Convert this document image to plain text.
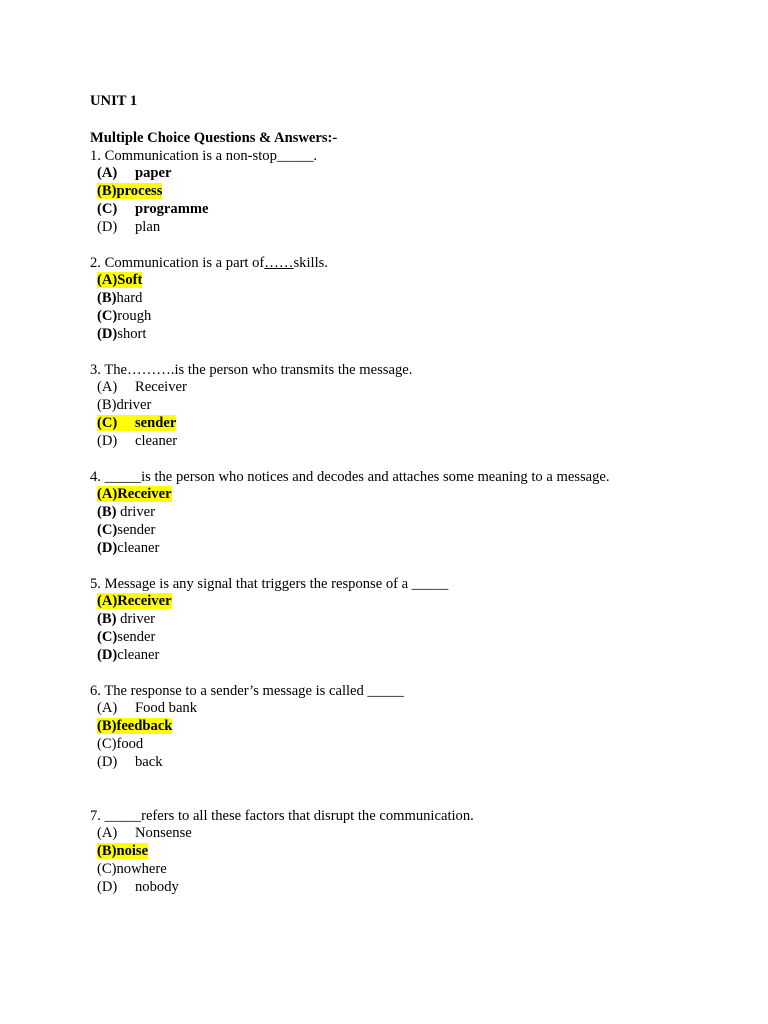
UNIT 1
Multiple Choice Questions & Answers:-
1. Communication is a non-stop_____.
(A) paper
(B)process
(C) programme
(D) plan
2. Communication is a part of……skills.
(A)Soft
(B)hard
(C)rough
(D)short
3. The……….is the person who transmits the message.
(A) Receiver
(B)driver
(C) sender
(D) cleaner
4. _____is the person who notices and decodes and attaches some meaning to a message.
(A)Receiver
(B) driver
(C)sender
(D)cleaner
5. Message is any signal that triggers the response of a _____
(A)Receiver
(B) driver
(C)sender
(D)cleaner
6. The response to a sender’s message is called _____
(A) Food bank
(B)feedback
(C)food
(D) back
7. _____refers to all these factors that disrupt the communication.
(A) Nonsense
(B)noise
(C)nowhere
(D) nobody
